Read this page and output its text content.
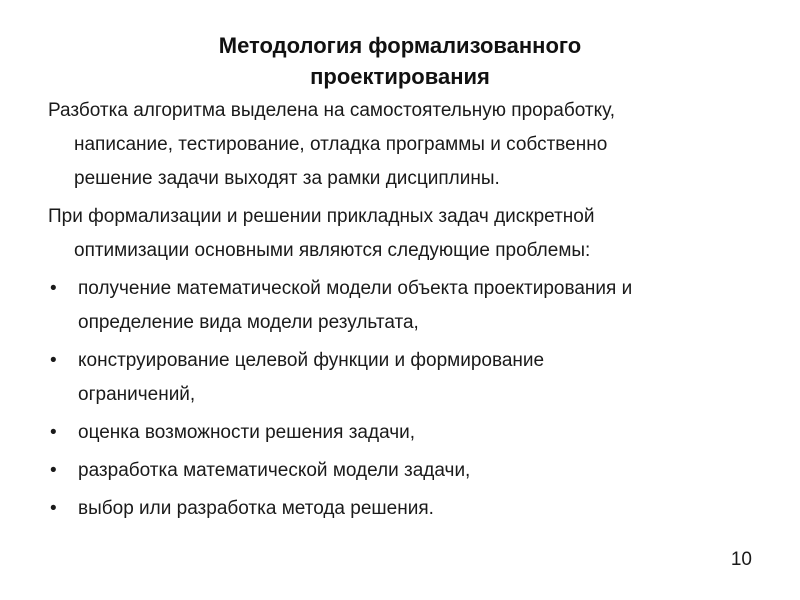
Методология формализованного
проектирования

Разботка алгоритма выделена на самостоятельную проработку,
написание, тестирование, отладка программы и собственно
решение задачи выходят за рамки дисциплины.

При формализации и решении прикладных задач дискретной
оптимизации основными являются следующие проблемы:

• получение математической модели объекта проектирования и
определение вида модели результата,
• конструирование целевой функции и формирование
ограничений,
• оценка возможности решения задачи,
• разработка математической модели задачи,
• выбор или разработка метода решения.
10
